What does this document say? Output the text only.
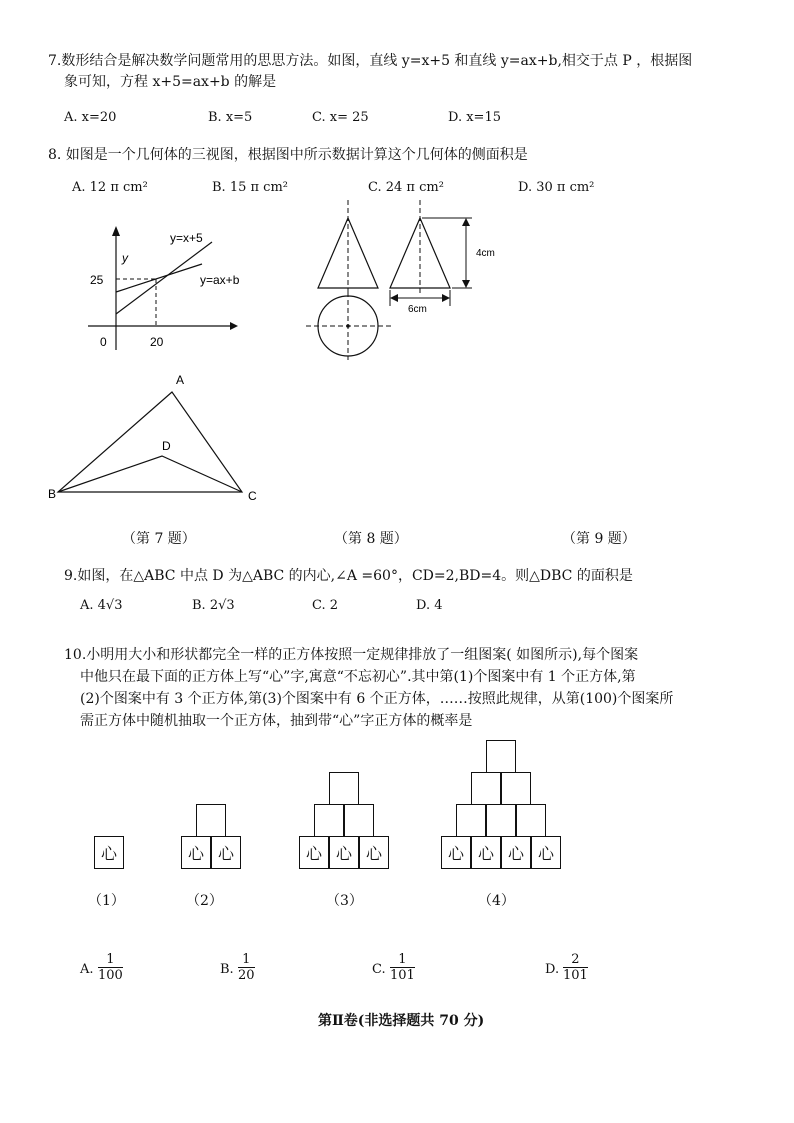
7.数形结合是解决数学问题常用的思思方法。如图，直线 y=x+5 和直线 y=ax+b,相交于点 P ，根据图
象可知，方程 x+5=ax+b 的解是
A. x=20	B. x=5	C. x= 25	D. x=15
8. 如图是一个几何体的三视图，根据图中所示数据计算这个几何体的侧面积是
A. 12 π cm²	B. 15 π cm²	C. 24 π cm²	D. 30 π cm²
y
y=x+5
y=ax+b
25
0	20
4cm
6cm
A
D
B	C
（第 7 题）	（第 8 题）	（第 9 题）
9.如图，在△ABC 中点 D 为△ABC 的内心,∠A =60°，CD=2,BD=4。则△DBC 的面积是
A. 4√3	B. 2√3	C. 2	D. 4
10.小明用大小和形状都完全一样的正方体按照一定规律排放了一组图案( 如图所示),每个图案
中他只在最下面的正方体上写“心”字,寓意“不忘初心”.其中第(1)个图案中有 1 个正方体,第
(2)个图案中有 3 个正方体,第(3)个图案中有 6 个正方体，……按照此规律，从第(100)个图案所
需正方体中随机抽取一个正方体，抽到带“心”字正方体的概率是
心	心 心	心 心 心	心 心 心 心
（1）	（2）	（3）	（4）
A.
1
100	B.
1
20	C.
1
101	D.
2
101
第Ⅱ卷(非选择题共 70 分)
